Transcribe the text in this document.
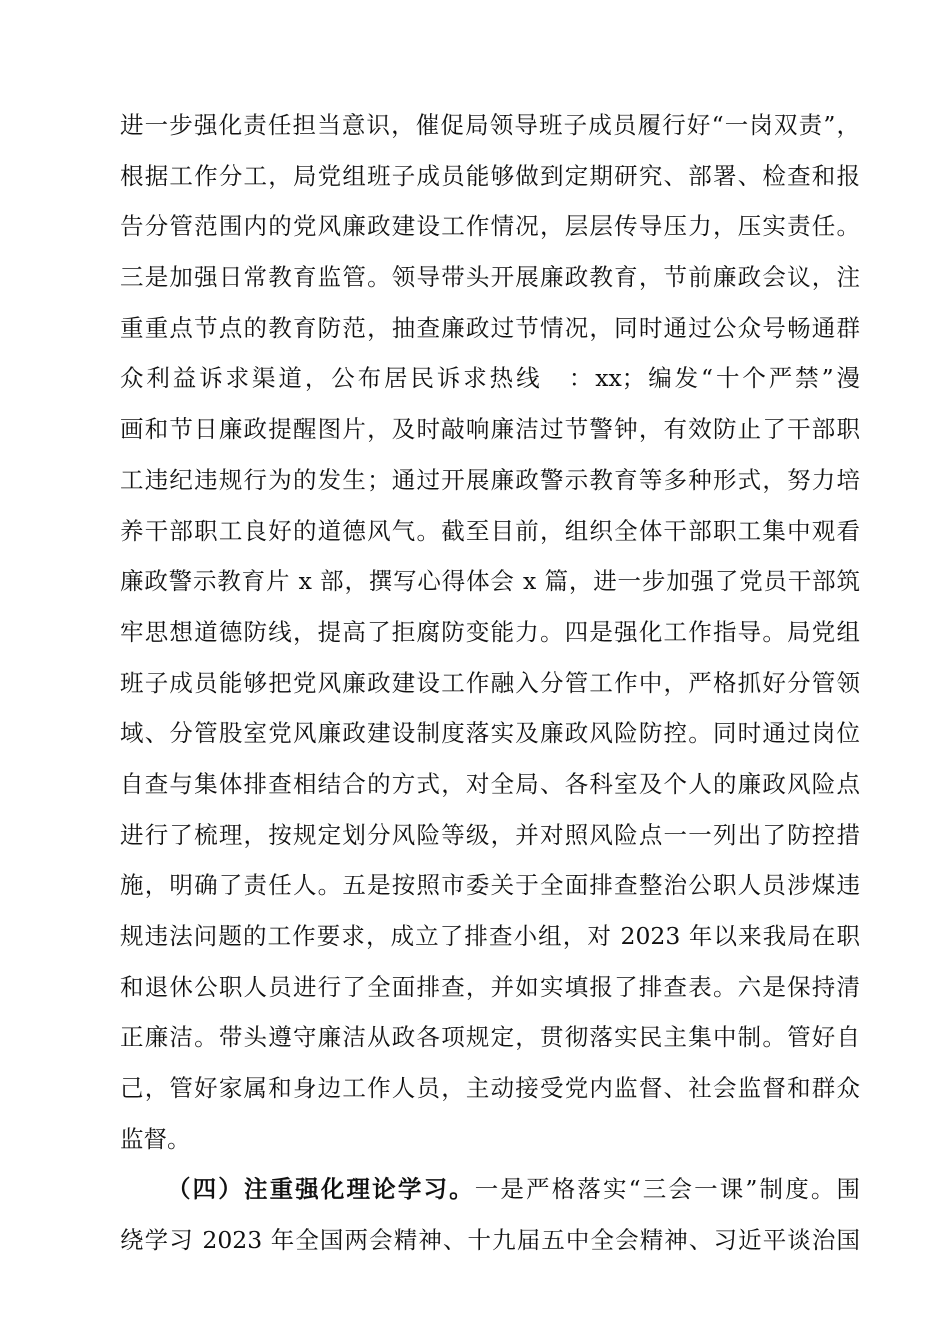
进一步强化责任担当意识，催促局领导班子成员履行好“一岗双责”，
根据工作分工，局党组班子成员能够做到定期研究、部署、检查和报
告分管范围内的党风廉政建设工作情况，层层传导压力，压实责任。
三是加强日常教育监管。领导带头开展廉政教育，节前廉政会议，注
重重点节点的教育防范，抽查廉政过节情况，同时通过公众号畅通群
众利益诉求渠道，公布居民诉求热线　：xx；编发“十个严禁”漫
画和节日廉政提醒图片，及时敲响廉洁过节警钟，有效防止了干部职
工违纪违规行为的发生；通过开展廉政警示教育等多种形式，努力培
养干部职工良好的道德风气。截至目前，组织全体干部职工集中观看
廉政警示教育片 x 部，撰写心得体会 x 篇，进一步加强了党员干部筑
牢思想道德防线，提高了拒腐防变能力。四是强化工作指导。局党组
班子成员能够把党风廉政建设工作融入分管工作中，严格抓好分管领
域、分管股室党风廉政建设制度落实及廉政风险防控。同时通过岗位
自查与集体排查相结合的方式，对全局、各科室及个人的廉政风险点
进行了梳理，按规定划分风险等级，并对照风险点一一列出了防控措
施，明确了责任人。五是按照市委关于全面排查整治公职人员涉煤违
规违法问题的工作要求，成立了排查小组，对 2023 年以来我局在职
和退休公职人员进行了全面排查，并如实填报了排查表。六是保持清
正廉洁。带头遵守廉洁从政各项规定，贯彻落实民主集中制。管好自
己，管好家属和身边工作人员，主动接受党内监督、社会监督和群众
监督。
（四）注重强化理论学习。一是严格落实“三会一课”制度。围
绕学习 2023 年全国两会精神、十九届五中全会精神、习近平谈治国
